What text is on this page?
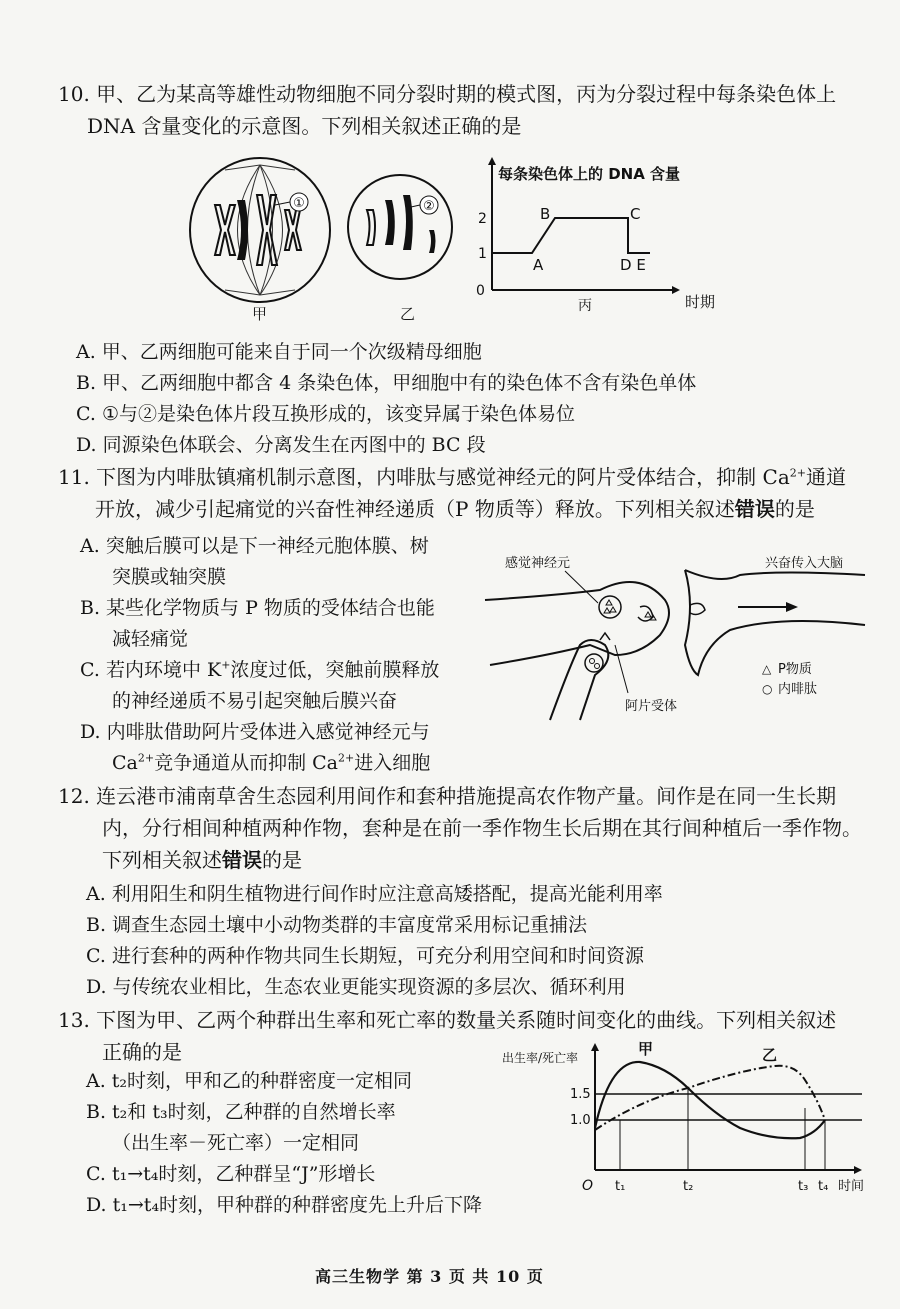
10. 甲、乙为某高等雄性动物细胞不同分裂时期的模式图，丙为分裂过程中每条染色体上
DNA 含量变化的示意图。下列相关叙述正确的是
①
甲
②
乙
每条染色体上的 DNA 含量
0
1
2
A
B	C
D E
丙	时期
A. 甲、乙两细胞可能来自于同一个次级精母细胞
B. 甲、乙两细胞中都含 4 条染色体，甲细胞中有的染色体不含有染色单体
C. ①与②是染色体片段互换形成的，该变异属于染色体易位
D. 同源染色体联会、分离发生在丙图中的 BC 段
11. 下图为内啡肽镇痛机制示意图，内啡肽与感觉神经元的阿片受体结合，抑制 $Ca^{2+}$通道
开放，减少引起痛觉的兴奋性神经递质（P 物质等）释放。下列相关叙述错误的是
A. 突触后膜可以是下一神经元胞体膜、树
突膜或轴突膜
B. 某些化学物质与 P 物质的受体结合也能
减轻痛觉
C. 若内环境中 K+浓度过低，突触前膜释放
的神经递质不易引起突触后膜兴奋
D. 内啡肽借助阿片受体进入感觉神经元与
$Ca^{2+}$竞争通道从而抑制 $Ca^{2+}$进入细胞
感觉神经元	兴奋传入大脑
阿片受体
△ P物质
○ 内啡肽
12. 连云港市浦南草舍生态园利用间作和套种措施提高农作物产量。间作是在同一生长期
内，分行相间种植两种作物，套种是在前一季作物生长后期在其行间种植后一季作物。
下列相关叙述错误的是
A. 利用阳生和阴生植物进行间作时应注意高矮搭配，提高光能利用率
B. 调查生态园土壤中小动物类群的丰富度常采用标记重捕法
C. 进行套种的两种作物共同生长期短，可充分利用空间和时间资源
D. 与传统农业相比，生态农业更能实现资源的多层次、循环利用
13. 下图为甲、乙两个种群出生率和死亡率的数量关系随时间变化的曲线。下列相关叙述
正确的是
A. t₂时刻，甲和乙的种群密度一定相同
B. t₂和 t₃时刻，乙种群的自然增长率
（出生率－死亡率）一定相同
C. t₁→t₄时刻，乙种群呈“J”形增长
D. t₁→t₄时刻，甲种群的种群密度先上升后下降
出生率/死亡率
1.5
1.0
O t₁	t₂	t₃ t₄ 时间
甲	乙
高三生物学 第 3 页 共 10 页
